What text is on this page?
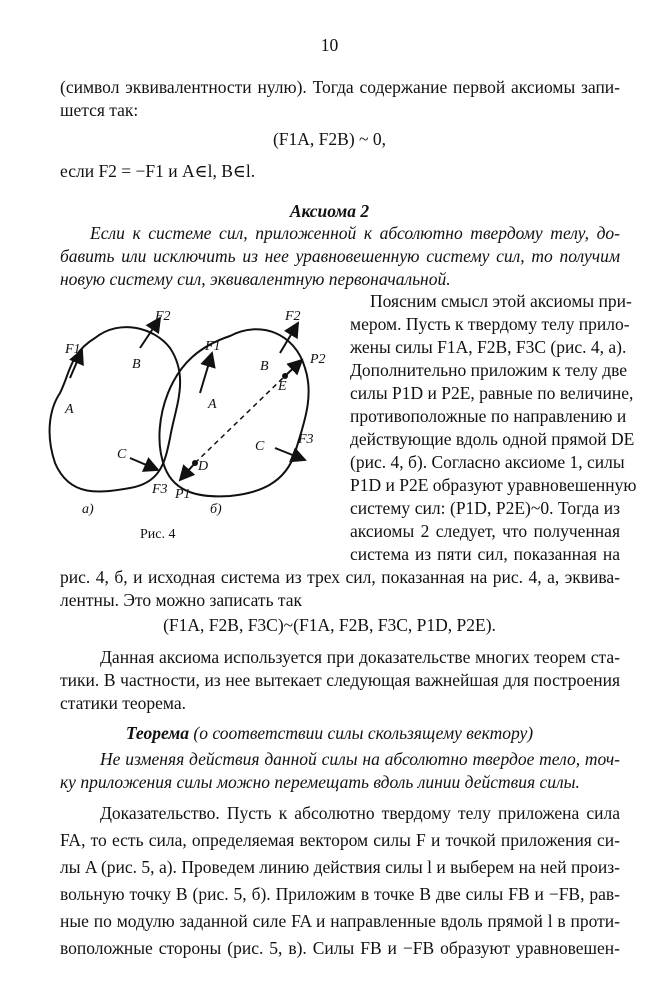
10
(символ эквивалентности нулю). Тогда содержание первой аксиомы запи-
шется так:
(F1A, F2B) ~ 0,
если F2 = −F1 и A∈l, B∈l.
Аксиома 2
Если к системе сил, приложенной к абсолютно твердому телу, до-
бавить или исключить из нее уравновешенную систему сил, то получим
новую систему сил, эквивалентную первоначальной.
Поясним смысл этой аксиомы при-
мером. Пусть к твердому телу прило-
жены силы F1A, F2B, F3C (рис. 4, а).
Дополнительно приложим к телу две
силы P1D и P2E, равные по величине,
противоположные по направлению и
действующие вдоль одной прямой DE
(рис. 4, б). Согласно аксиоме 1, силы
P1D и P2E образуют уравновешенную
систему сил: (P1D, P2E)~0. Тогда из
аксиомы 2 следует, что полученная
система из пяти сил, показанная на
рис. 4, б, и исходная система из трех сил, показанная на рис. 4, а, эквива-
лентны. Это можно записать так
F1
F2
A
B
C
F3
а)
F1
F2
P2
A
B
E
C F3
D
P1
б)
Рис. 4
(F1A, F2B, F3C)~(F1A, F2B, F3C, P1D, P2E).
Данная аксиома используется при доказательстве многих теорем ста-
тики. В частности, из нее вытекает следующая важнейшая для построения
статики теорема.
Теорема (о соответствии силы скользящему вектору)
Не изменяя действия данной силы на абсолютно твердое тело, точ-
ку приложения силы можно перемещать вдоль линии действия силы.
Доказательство. Пусть к абсолютно твердому телу приложена сила
FA, то есть сила, определяемая вектором силы F и точкой приложения си-
лы A (рис. 5, а). Проведем линию действия силы l и выберем на ней произ-
вольную точку B (рис. 5, б). Приложим в точке B две силы FB и −FB, рав-
ные по модулю заданной силе FA и направленные вдоль прямой l в проти-
воположные стороны (рис. 5, в). Силы FB и −FB образуют уравновешен-
